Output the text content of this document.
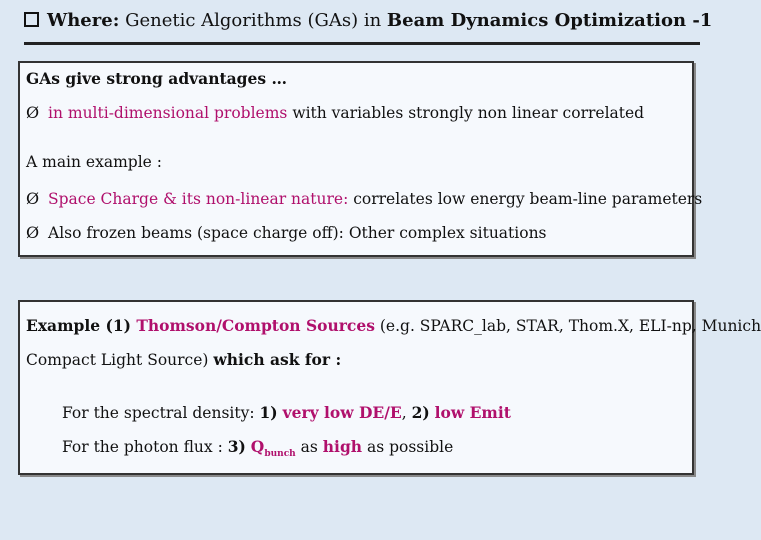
Where: Genetic Algorithms (GAs) in Beam Dynamics Optimization -1
GAs give strong advantages …
Ø in multi-dimensional problems with variables strongly non linear correlated
A main example :
Ø Space Charge & its non-linear nature: correlates low energy beam-line parameters
Ø Also frozen beams (space charge off): Other complex situations
Example (1) Thomson/Compton Sources (e.g. SPARC_lab, STAR, Thom.X, ELI-np, Munich
Compact Light Source) which ask for :
For the spectral density: 1) very low DE/E, 2) low Emit
For the photon flux : 3) $Q_{bunch}$ as high as possible
